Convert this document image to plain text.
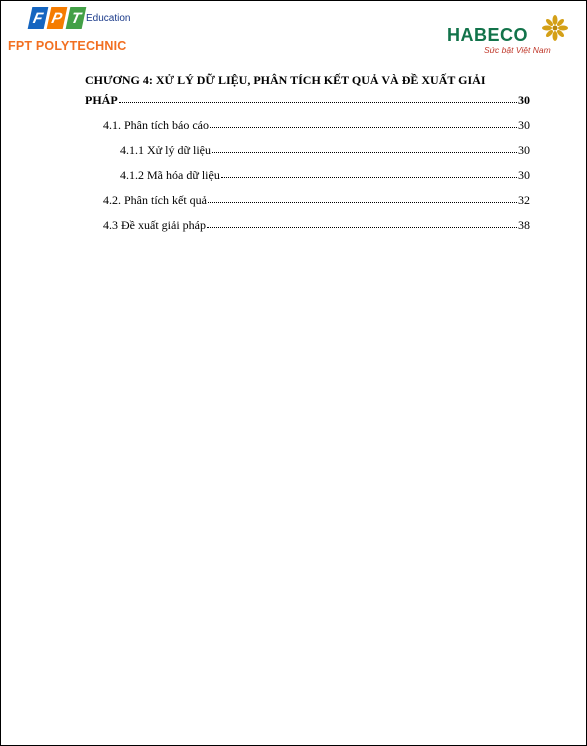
F P T Education
FPT POLYTECHNIC
HABECO
Sức bật Việt Nam
CHƯƠNG 4: XỬ LÝ DỮ LIỆU, PHÂN TÍCH KẾT QUẢ VÀ ĐỀ XUẤT GIẢI
PHÁP	30
4.1. Phân tích báo cáo	30
4.1.1 Xử lý dữ liệu	30
4.1.2 Mã hóa dữ liệu	30
4.2. Phân tích kết quả	32
4.3 Đề xuất giải pháp	38
